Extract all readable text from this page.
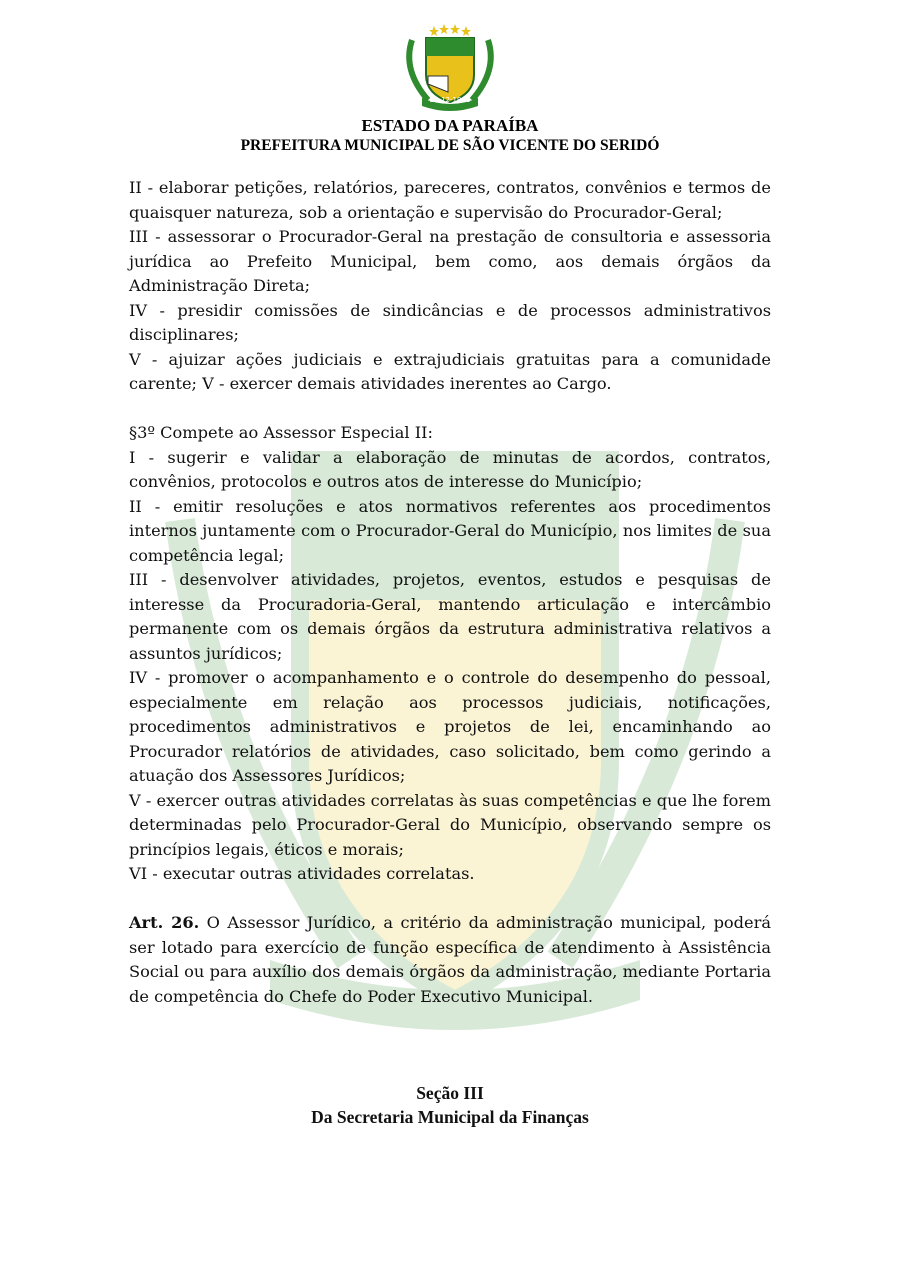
22-12-1961
ESTADO DA PARAÍBA
PREFEITURA MUNICIPAL DE SÃO VICENTE DO SERIDÓ

II - elaborar petições, relatórios, pareceres, contratos, convênios e termos de quaisquer natureza, sob a orientação e supervisão do Procurador-Geral;

III - assessorar o Procurador-Geral na prestação de consultoria e assessoria jurídica ao Prefeito Municipal, bem como, aos demais órgãos da Administração Direta;

IV - presidir comissões de sindicâncias e de processos administrativos disciplinares;

V - ajuizar ações judiciais e extrajudiciais gratuitas para a comunidade carente; V - exercer demais atividades inerentes ao Cargo.

§3º Compete ao Assessor Especial II:

I - sugerir e validar a elaboração de minutas de acordos, contratos, convênios, protocolos e outros atos de interesse do Município;

II - emitir resoluções e atos normativos referentes aos procedimentos internos juntamente com o Procurador-Geral do Município, nos limites de sua competência legal;

III - desenvolver atividades, projetos, eventos, estudos e pesquisas de interesse da Procuradoria-Geral, mantendo articulação e intercâmbio permanente com os demais órgãos da estrutura administrativa relativos a assuntos jurídicos;

IV - promover o acompanhamento e o controle do desempenho do pessoal, especialmente em relação aos processos judiciais, notificações, procedimentos administrativos e projetos de lei, encaminhando ao Procurador relatórios de atividades, caso solicitado, bem como gerindo a atuação dos Assessores Jurídicos;

V - exercer outras atividades correlatas às suas competências e que lhe forem determinadas pelo Procurador-Geral do Município, observando sempre os princípios legais, éticos e morais;

VI - executar outras atividades correlatas.

Art. 26. O Assessor Jurídico, a critério da administração municipal, poderá ser lotado para exercício de função específica de atendimento à Assistência Social ou para auxílio dos demais órgãos da administração, mediante Portaria de competência do Chefe do Poder Executivo Municipal.

Seção III
Da Secretaria Municipal da Finanças
